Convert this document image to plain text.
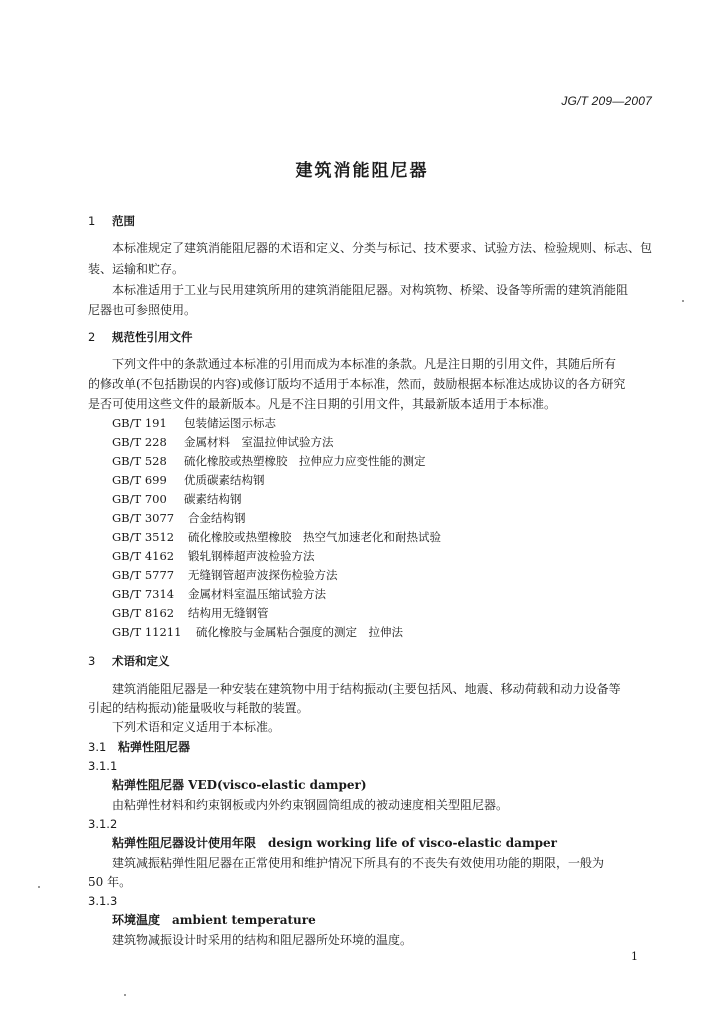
JG/T 209—2007
建筑消能阻尼器
1 范围
本标准规定了建筑消能阻尼器的术语和定义、分类与标记、技术要求、试验方法、检验规则、标志、包
装、运输和贮存。
本标准适用于工业与民用建筑所用的建筑消能阻尼器。对构筑物、桥梁、设备等所需的建筑消能阻
尼器也可参照使用。
2 规范性引用文件
下列文件中的条款通过本标准的引用而成为本标准的条款。凡是注日期的引用文件，其随后所有
的修改单(不包括勘误的内容)或修订版均不适用于本标准，然而，鼓励根据本标准达成协议的各方研究
是否可使用这些文件的最新版本。凡是不注日期的引用文件，其最新版本适用于本标准。
GB/T 191 包装储运图示标志
GB/T 228 金属材料　室温拉伸试验方法
GB/T 528 硫化橡胶或热塑橡胶　拉伸应力应变性能的测定
GB/T 699 优质碳素结构钢
GB/T 700 碳素结构钢
GB/T 3077 合金结构钢
GB/T 3512 硫化橡胶或热塑橡胶　热空气加速老化和耐热试验
GB/T 4162 锻轧钢棒超声波检验方法
GB/T 5777 无缝钢管超声波探伤检验方法
GB/T 7314 金属材料室温压缩试验方法
GB/T 8162 结构用无缝钢管
GB/T 11211 硫化橡胶与金属粘合强度的测定　拉伸法
3 术语和定义
建筑消能阻尼器是一种安装在建筑物中用于结构振动(主要包括风、地震、移动荷载和动力设备等
引起的结构振动)能量吸收与耗散的装置。
下列术语和定义适用于本标准。
3.1 粘弹性阻尼器
3.1.1
粘弹性阻尼器 VED(visco-elastic damper)
由粘弹性材料和约束钢板或内外约束钢圆筒组成的被动速度相关型阻尼器。
3.1.2
粘弹性阻尼器设计使用年限　design working life of visco-elastic damper
建筑减振粘弹性阻尼器在正常使用和维护情况下所具有的不丧失有效使用功能的期限，一般为
50 年。
3.1.3
环境温度　ambient temperature
建筑物减振设计时采用的结构和阻尼器所处环境的温度。
1
